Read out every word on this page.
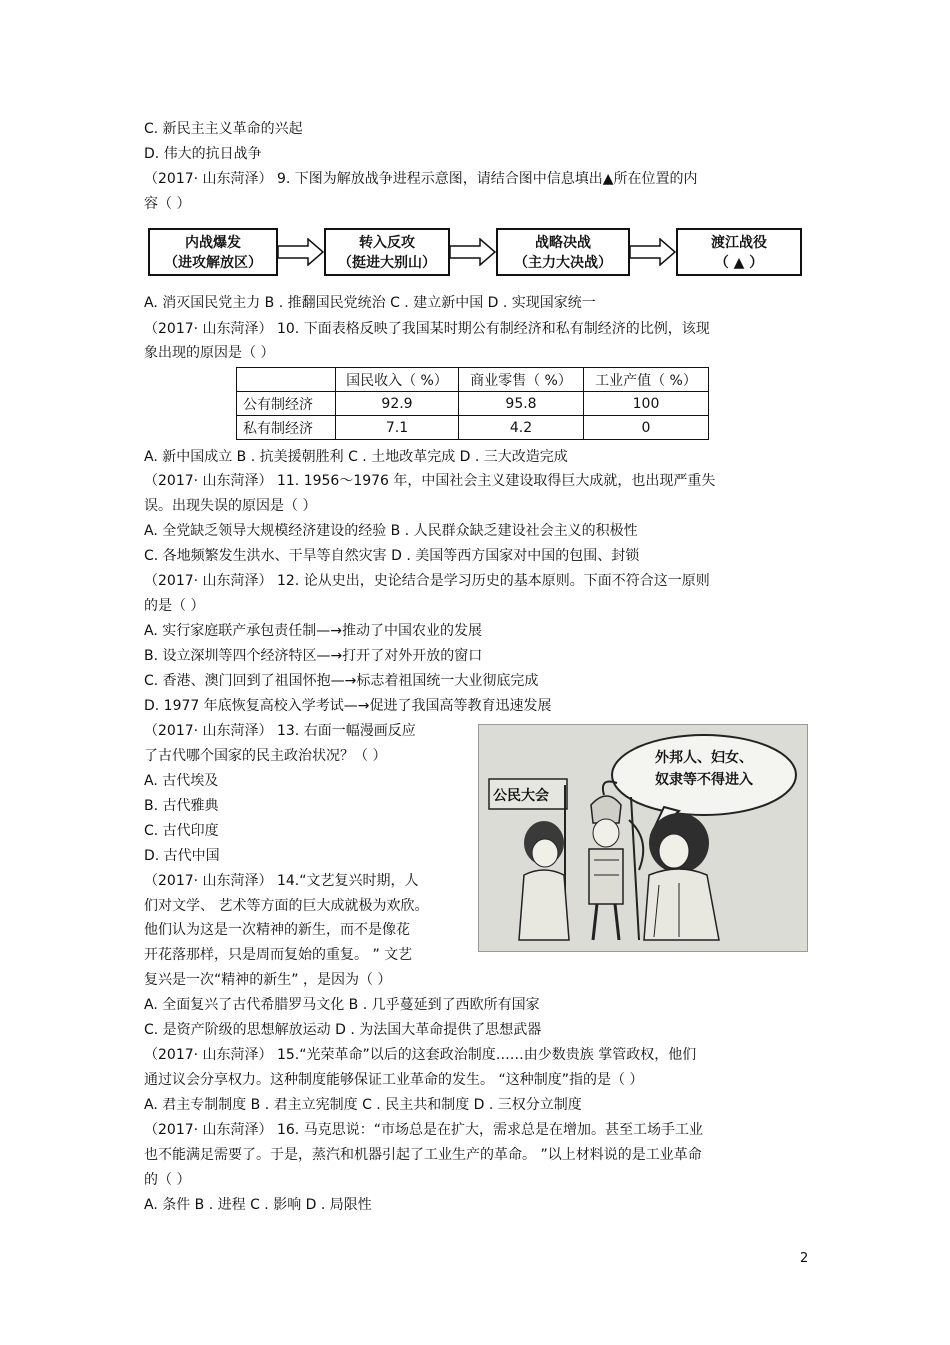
C. 新民主主义革命的兴起
D. 伟大的抗日战争
（2017· 山东菏泽） 9. 下图为解放战争进程示意图，请结合图中信息填出▲所在位置的内
容（ ）
内战爆发
（进攻解放区）
转入反攻
（挺进大别山）
战略决战
（主力大决战）
渡江战役
（ ▲ ）
A. 消灭国民党主力 B . 推翻国民党统治 C . 建立新中国 D . 实现国家统一
（2017· 山东菏泽） 10. 下面表格反映了我国某时期公有制经济和私有制经济的比例，该现
象出现的原因是（ ）
	国民收入（ %）	商业零售（ %）	工业产值（ %）
公有制经济	92.9	95.8	100
私有制经济	7.1	4.2	0
A. 新中国成立 B . 抗美援朝胜利 C . 土地改革完成 D . 三大改造完成
（2017· 山东菏泽） 11. 1956～1976 年，中国社会主义建设取得巨大成就，也出现严重失
误。出现失误的原因是（ ）
A. 全党缺乏领导大规模经济建设的经验 B . 人民群众缺乏建设社会主义的积极性
C. 各地频繁发生洪水、干旱等自然灾害 D . 美国等西方国家对中国的包围、封锁
（2017· 山东菏泽） 12. 论从史出，史论结合是学习历史的基本原则。下面不符合这一原则
的是（ ）
A. 实行家庭联产承包责任制—→推动了中国农业的发展
B. 设立深圳等四个经济特区—→打开了对外开放的窗口
C. 香港、澳门回到了祖国怀抱—→标志着祖国统一大业彻底完成
D. 1977 年底恢复高校入学考试—→促进了我国高等教育迅速发展
（2017· 山东菏泽） 13. 右面一幅漫画反应
了古代哪个国家的民主政治状况？（ ）
A. 古代埃及
B. 古代雅典
C. 古代印度
D. 古代中国
（2017· 山东菏泽） 14.“文艺复兴时期，人
们对文学、 艺术等方面的巨大成就极为欢欣。
他们认为这是一次精神的新生，而不是像花
开花落那样，只是周而复始的重复。 ” 文艺
复兴是一次“精神的新生” ，是因为（ ）
公民大会
外邦人、妇女、
奴隶等不得进入
A. 全面复兴了古代希腊罗马文化 B . 几乎蔓延到了西欧所有国家
C. 是资产阶级的思想解放运动 D . 为法国大革命提供了思想武器
（2017· 山东菏泽） 15.“光荣革命”以后的这套政治制度……由少数贵族 掌管政权，他们
通过议会分享权力。这种制度能够保证工业革命的发生。 “这种制度”指的是（ ）
A. 君主专制制度 B . 君主立宪制度 C . 民主共和制度 D . 三权分立制度
（2017· 山东菏泽） 16. 马克思说：“市场总是在扩大，需求总是在增加。甚至工场手工业
也不能满足需要了。于是，蒸汽和机器引起了工业生产的革命。 ”以上材料说的是工业革命
的（ ）
A. 条件 B . 进程 C . 影响 D . 局限性
2
